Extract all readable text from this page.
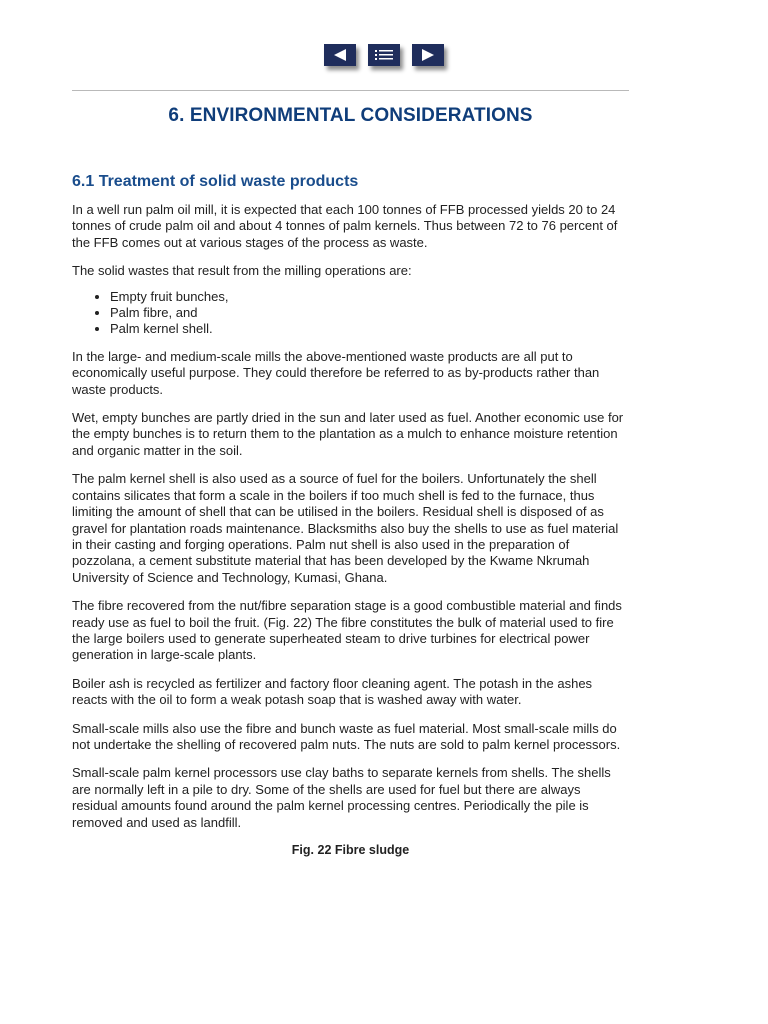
6. ENVIRONMENTAL CONSIDERATIONS
6.1 Treatment of solid waste products

In a well run palm oil mill, it is expected that each 100 tonnes of FFB processed yields 20 to 24 tonnes of crude palm oil and about 4 tonnes of palm kernels. Thus between 72 to 76 percent of the FFB comes out at various stages of the process as waste.

The solid wastes that result from the milling operations are:

• Empty fruit bunches,
• Palm fibre, and
• Palm kernel shell.

In the large- and medium-scale mills the above-mentioned waste products are all put to economically useful purpose. They could therefore be referred to as by-products rather than waste products.

Wet, empty bunches are partly dried in the sun and later used as fuel. Another economic use for the empty bunches is to return them to the plantation as a mulch to enhance moisture retention and organic matter in the soil.

The palm kernel shell is also used as a source of fuel for the boilers. Unfortunately the shell contains silicates that form a scale in the boilers if too much shell is fed to the furnace, thus limiting the amount of shell that can be utilised in the boilers. Residual shell is disposed of as gravel for plantation roads maintenance. Blacksmiths also buy the shells to use as fuel material in their casting and forging operations. Palm nut shell is also used in the preparation of pozzolana, a cement substitute material that has been developed by the Kwame Nkrumah University of Science and Technology, Kumasi, Ghana.

The fibre recovered from the nut/fibre separation stage is a good combustible material and finds ready use as fuel to boil the fruit. (Fig. 22) The fibre constitutes the bulk of material used to fire the large boilers used to generate superheated steam to drive turbines for electrical power generation in large-scale plants.

Boiler ash is recycled as fertilizer and factory floor cleaning agent. The potash in the ashes reacts with the oil to form a weak potash soap that is washed away with water.

Small-scale mills also use the fibre and bunch waste as fuel material. Most small-scale mills do not undertake the shelling of recovered palm nuts. The nuts are sold to palm kernel processors.

Small-scale palm kernel processors use clay baths to separate kernels from shells. The shells are normally left in a pile to dry. Some of the shells are used for fuel but there are always residual amounts found around the palm kernel processing centres. Periodically the pile is removed and used as landfill.

Fig. 22 Fibre sludge
